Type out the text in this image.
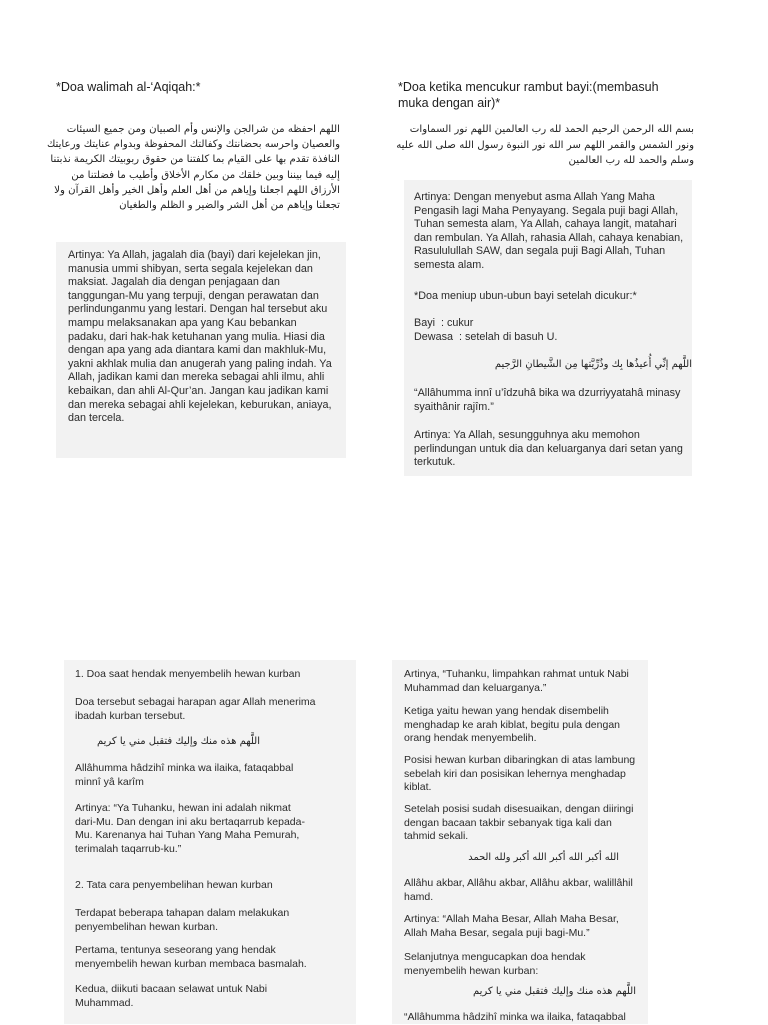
*Doa walimah al-‘Aqiqah:*
اللهم احفظه من شرالجن والإنس وأم الصبيان ومن جميع السيئات والعصيان واحرسه بحضانتك وكفالتك المحفوظة وبدوام عنايتك ورعايتك النافذة تقدم بها على القيام بما كلفتنا من حقوق ربوبيتك الكريمة نذبتنا إليه فيما بيننا وبين خلقك من مكارم الأخلاق وأطيب ما فضلتنا من الأرزاق اللهم اجعلنا وإياهم من أهل العلم وأهل الخير وأهل القرآن ولا تجعلنا وإياهم من أهل الشر والضير و الظلم والطغيان

Artinya: Ya Allah, jagalah dia (bayi) dari kejelekan jin, manusia ummi shibyan, serta segala kejelekan dan maksiat. Jagalah dia dengan penjagaan dan tanggungan-Mu yang terpuji, dengan perawatan dan perlindunganmu yang lestari. Dengan hal tersebut aku mampu melaksanakan apa yang Kau bebankan padaku, dari hak-hak ketuhanan yang mulia. Hiasi dia dengan apa yang ada diantara kami dan makhluk-Mu, yakni akhlak mulia dan anugerah yang paling indah. Ya Allah, jadikan kami dan mereka sebagai ahli ilmu, ahli kebaikan, dan ahli Al-Qur’an. Jangan kau jadikan kami dan mereka sebagai ahli kejelekan, keburukan, aniaya, dan tercela.

*Doa ketika mencukur rambut bayi:(membasuh muka dengan air)*
بسم الله الرحمن الرحيم الحمد لله رب العالمين اللهم نور السماوات ونور الشمس والقمر اللهم سر الله نور النبوة رسول الله صلى الله عليه وسلم والحمد لله رب العالمين

Artinya: Dengan menyebut asma Allah Yang Maha Pengasih lagi Maha Penyayang. Segala puji bagi Allah, Tuhan semesta alam, Ya Allah, cahaya langit, matahari dan rembulan. Ya Allah, rahasia Allah, cahaya kenabian, Rasululullah SAW, dan segala puji Bagi Allah, Tuhan semesta alam.

*Doa meniup ubun-ubun bayi setelah dicukur:*

Bayi : cukur
Dewasa : setelah di basuh U.
اللَّهم إنِّي أُعيذُها بِك وذُرِّيَّتها مِن الشَّيطانِ الرَّجيم

“Allâhumma innî u’îdzuhâ bika wa dzurriyyatahâ minasy syaithânir rajîm.”

Artinya: Ya Allah, sesungguhnya aku memohon perlindungan untuk dia dan keluarganya dari setan yang terkutuk.

1. Doa saat hendak menyembelih hewan kurban

Doa tersebut sebagai harapan agar Allah menerima ibadah kurban tersebut.

اللَّهم هذه منك وإليك فتقبل مني يا كريم

Allâhumma hâdzihî minka wa ilaika, fataqabbal minnî yâ karîm

Artinya: “Ya Tuhanku, hewan ini adalah nikmat dari-Mu. Dan dengan ini aku bertaqarrub kepada-Mu. Karenanya hai Tuhan Yang Maha Pemurah, terimalah taqarrub-ku.”

2. Tata cara penyembelihan hewan kurban

Terdapat beberapa tahapan dalam melakukan penyembelihan hewan kurban.

Pertama, tentunya seseorang yang hendak menyembelih hewan kurban membaca basmalah.

Kedua, diikuti bacaan selawat untuk Nabi Muhammad.

Artinya, “Tuhanku, limpahkan rahmat untuk Nabi Muhammad dan keluarganya.”

Ketiga yaitu hewan yang hendak disembelih menghadap ke arah kiblat, begitu pula dengan orang hendak menyembelih.

Posisi hewan kurban dibaringkan di atas lambung sebelah kiri dan posisikan lehernya menghadap kiblat.

Setelah posisi sudah disesuaikan, dengan diiringi dengan bacaan takbir sebanyak tiga kali dan tahmid sekali.

الله أكبر الله أكبر الله أكبر ولله الحمد

Allâhu akbar, Allâhu akbar, Allâhu akbar, walillâhil hamd.

Artinya: “Allah Maha Besar, Allah Maha Besar, Allah Maha Besar, segala puji bagi-Mu.”

Selanjutnya mengucapkan doa hendak menyembelih hewan kurban:

اللَّهم هذه منك وإليك فتقبل مني يا كريم

“Allâhumma hâdzihî minka wa ilaika, fataqabbal
